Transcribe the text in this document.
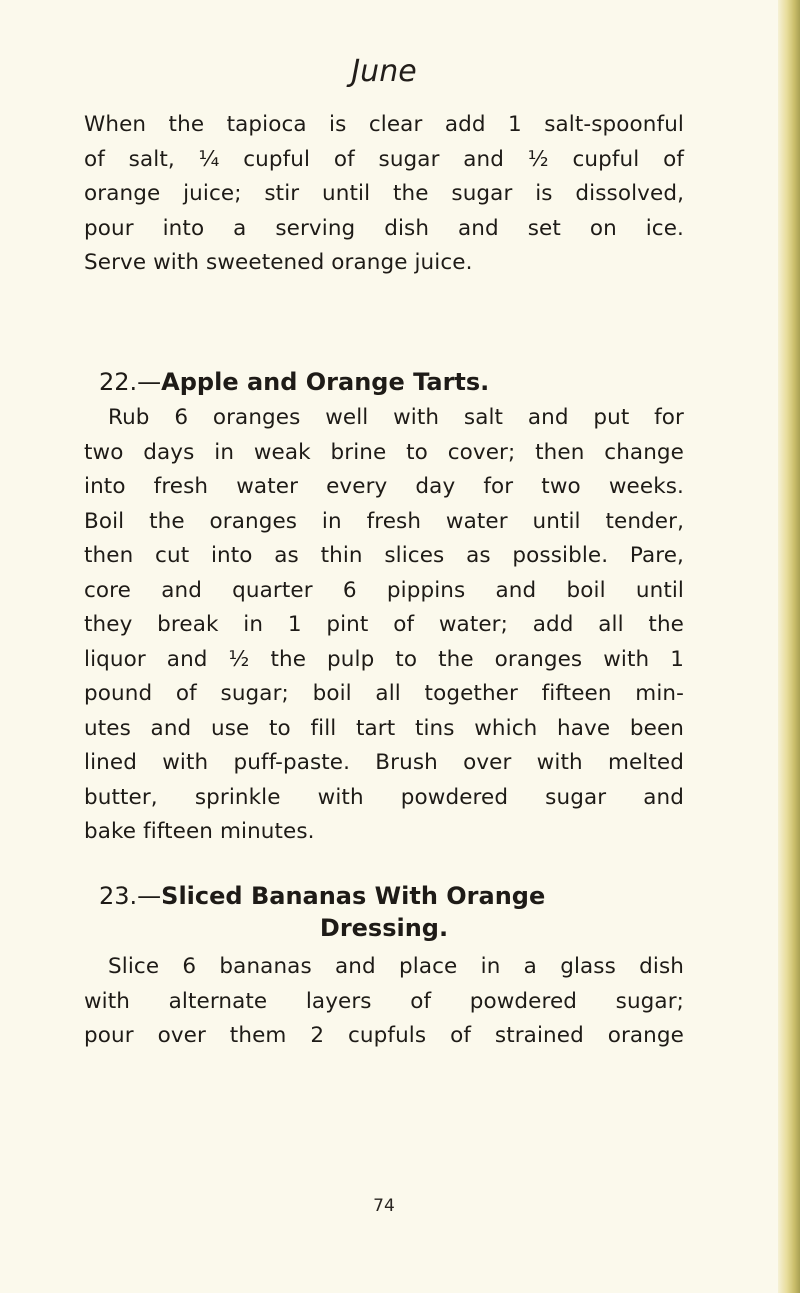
June

When the tapioca is clear add 1 salt-spoonful
of salt, ¼ cupful of sugar and ½ cupful of
orange juice; stir until the sugar is dissolved,
pour into a serving dish and set on ice.
Serve with sweetened orange juice.

22.—Apple and Orange Tarts.

Rub 6 oranges well with salt and put for
two days in weak brine to cover; then change
into fresh water every day for two weeks.
Boil the oranges in fresh water until tender,
then cut into as thin slices as possible. Pare,
core and quarter 6 pippins and boil until
they break in 1 pint of water; add all the
liquor and ½ the pulp to the oranges with 1
pound of sugar; boil all together fifteen min-
utes and use to fill tart tins which have been
lined with puff-paste. Brush over with melted
butter, sprinkle with powdered sugar and
bake fifteen minutes.

23.—Sliced Bananas With Orange
Dressing.

Slice 6 bananas and place in a glass dish
with alternate layers of powdered sugar;
pour over them 2 cupfuls of strained orange

74
